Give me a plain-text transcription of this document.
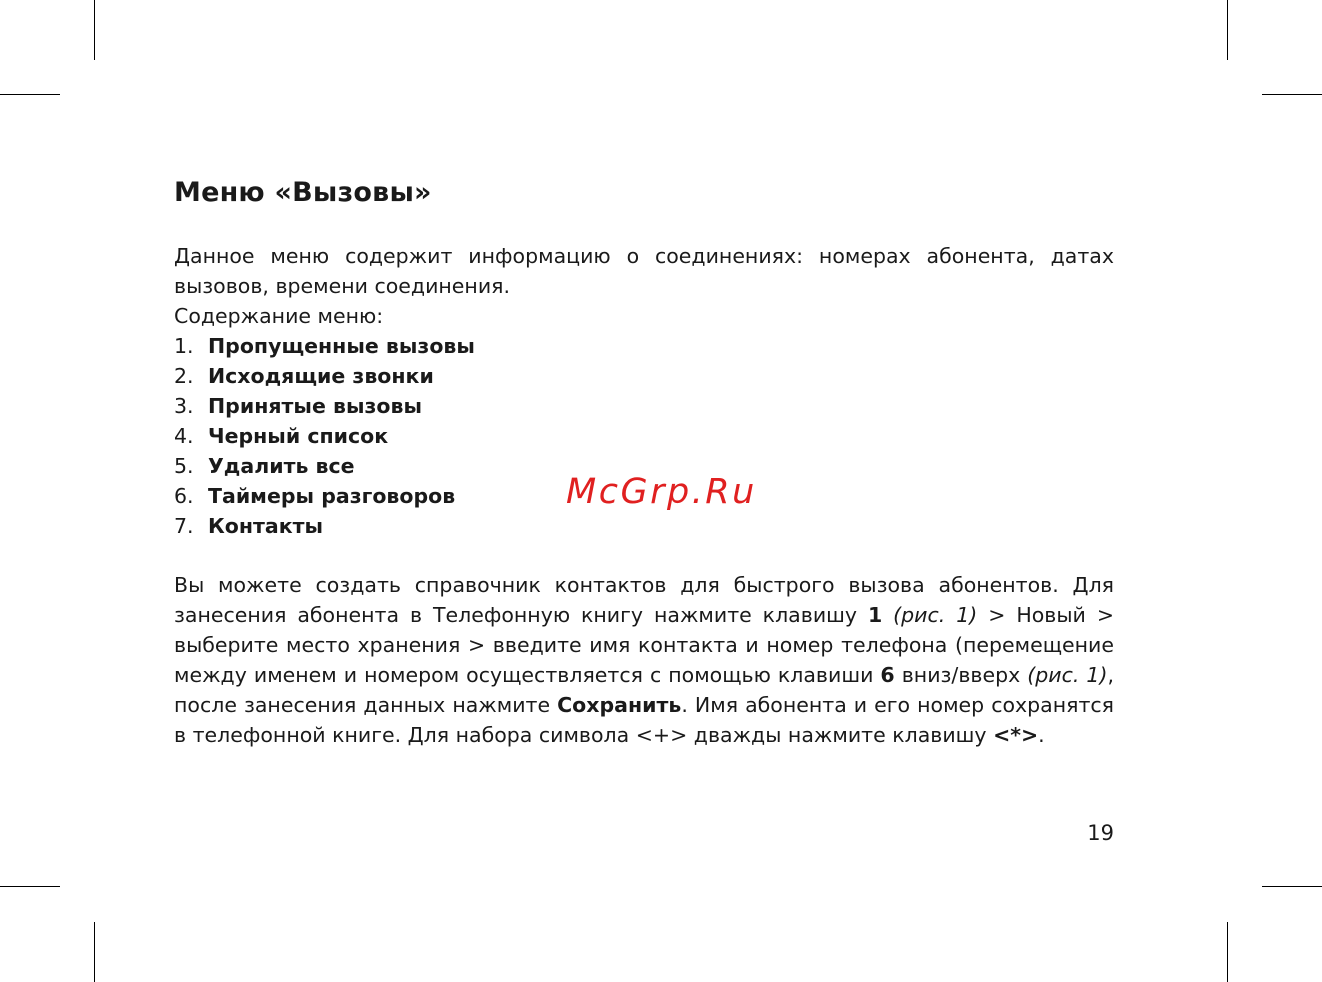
Меню «Вызовы»
Данное меню содержит информацию о соединениях: номерах абонента, датах
вызовов, времени соединения.
Содержание меню:
1. Пропущенные вызовы
2. Исходящие звонки
3. Принятые вызовы
4. Черный список
5. Удалить все
6. Таймеры разговоров
7. Контакты

Вы можете создать справочник контактов для быстрого вызова абонентов. Для занесения абонента в Телефонную книгу нажмите клавишу 1 (рис. 1) > Новый > выберите место хранения > введите имя контакта и номер телефона (перемещение между именем и номером осуществляется с помощью клавиши 6 вниз/вверх (рис. 1), после занесения данных нажмите Сохранить. Имя абонента и его номер сохранятся в телефонной книге. Для набора символа <+> дважды нажмите клавишу <*>.

McGrp.Ru
19
